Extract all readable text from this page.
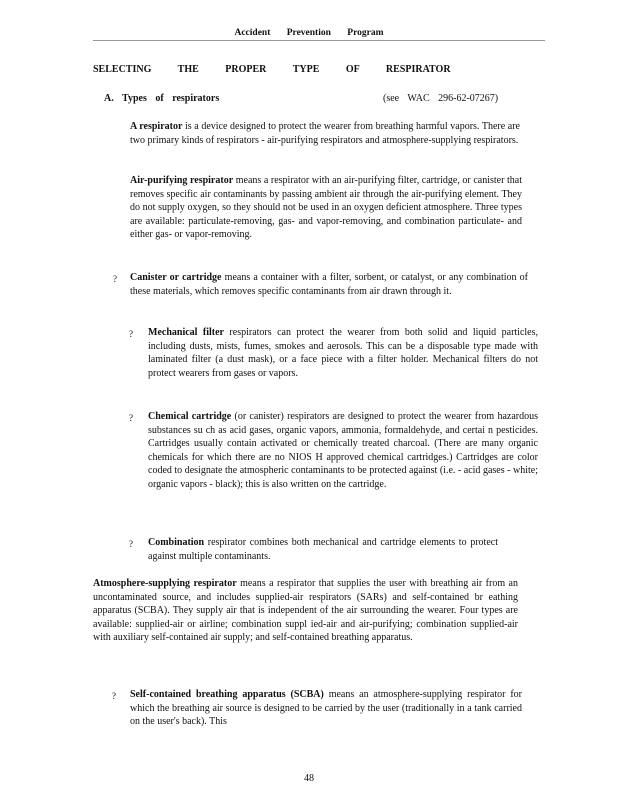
Accident Prevention Program
SELECTING THE PROPER TYPE OF RESPIRATOR
A. Types of respirators	(see WAC 296-62-07267)
A respirator is a device designed to protect the wearer from breathing harmful vapors. There are two primary kinds of respirators - air-purifying respirators and atmosphere-supplying respirators.
Air-purifying respirator means a respirator with an air-purifying filter, cartridge, or canister that removes specific air contaminants by passing ambient air through the air-purifying element. They do not supply oxygen, so they should not be used in an oxygen deficient atmosphere. Three types are available: particulate-removing, gas- and vapor-removing, and combination particulate- and either gas- or vapor-removing.
? Canister or cartridge means a container with a filter, sorbent, or catalyst, or any combination of these materials, which removes specific contaminants from air drawn through it.
? Mechanical filter respirators can protect the wearer from both solid and liquid particles, including dusts, mists, fumes, smokes and aerosols. This can be a disposable type made with laminated filter (a dust mask), or a face piece with a filter holder. Mechanical filters do not protect wearers from gases or vapors.
? Chemical cartridge (or canister) respirators are designed to protect the wearer from hazardous substances su ch as acid gases, organic vapors, ammonia, formaldehyde, and certai n pesticides. Cartridges usually contain activated or chemically treated charcoal. (There are many organic chemicals for which there are no NIOS H approved chemical cartridges.) Cartridges are color coded to designate the atmospheric contaminants to be protected against (i.e. - acid gases - white; organic vapors - black); this is also written on the cartridge.
? Combination respirator combines both mechanical and cartridge elements to protect against multiple contaminants.
Atmosphere-supplying respirator means a respirator that supplies the user with breathing air from an uncontaminated source, and includes supplied-air respirators (SARs) and self-contained br eathing apparatus (SCBA). They supply air that is independent of the air surrounding the wearer. Four types are available: supplied-air or airline; combination suppl ied-air and air-purifying; combination supplied-air with auxiliary self-contained air supply; and self-contained breathing apparatus.
? Self-contained breathing apparatus (SCBA) means an atmosphere-supplying respirator for which the breathing air source is designed to be carried by the user (traditionally in a tank carried on the user's back). This
48
